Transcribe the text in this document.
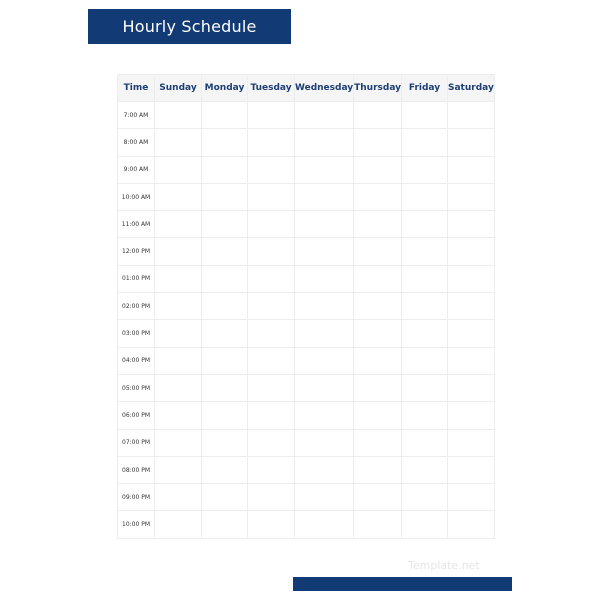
Hourly Schedule
Time	Sunday	Monday	Tuesday	Wednesday	Thursday	Friday	Saturday
7:00 AM							
8:00 AM							
9:00 AM							
10:00 AM							
11:00 AM							
12:00 PM							
01:00 PM							
02:00 PM							
03:00 PM							
04:00 PM							
05:00 PM							
06:00 PM							
07:00 PM							
08:00 PM							
09:00 PM							
10:00 PM							
Template.net
